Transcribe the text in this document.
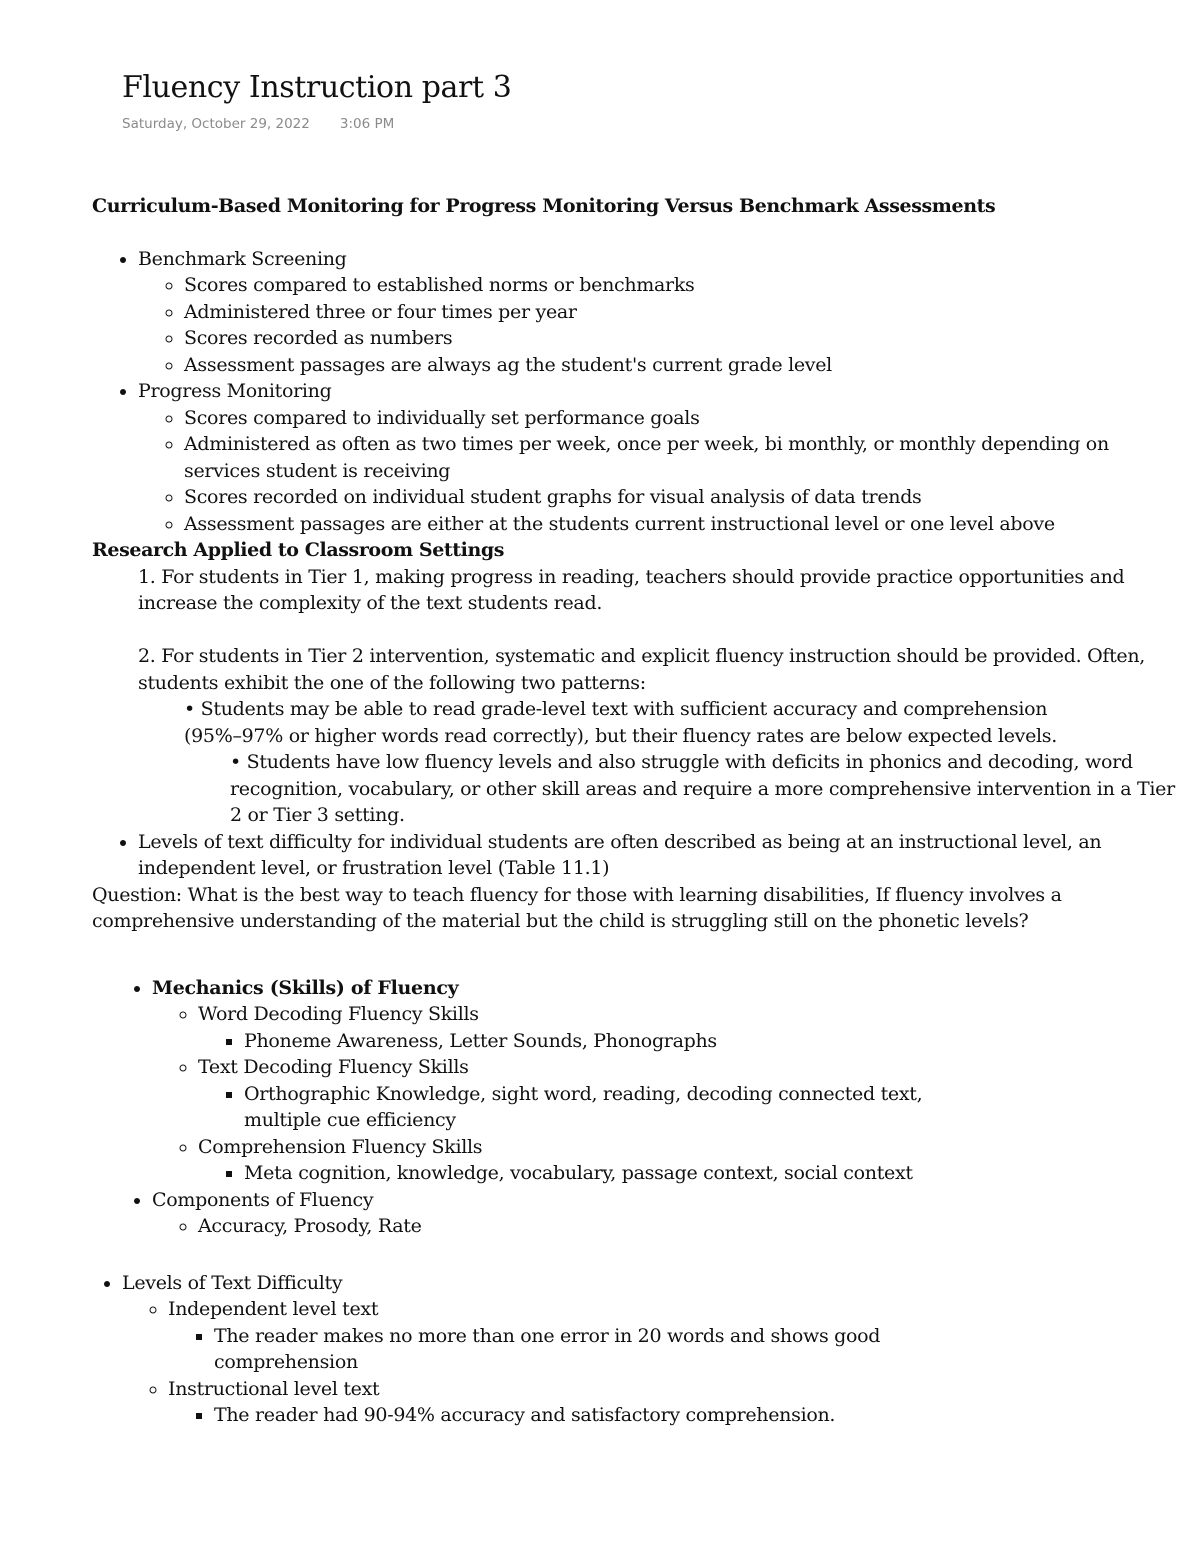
Fluency Instruction part 3
Saturday, October 29, 2022 3:06 PM

Curriculum-Based Monitoring for Progress Monitoring Versus Benchmark Assessments

• Benchmark Screening
◦ Scores compared to established norms or benchmarks
◦ Administered three or four times per year
◦ Scores recorded as numbers
◦ Assessment passages are always ag the student's current grade level
• Progress Monitoring
◦ Scores compared to individually set performance goals
◦ Administered as often as two times per week, once per week, bi monthly, or monthly depending on services student is receiving
◦ Scores recorded on individual student graphs for visual analysis of data trends
◦ Assessment passages are either at the students current instructional level or one level above

Research Applied to Classroom Settings

1. For students in Tier 1, making progress in reading, teachers should provide practice opportunities and increase the complexity of the text students read.

2. For students in Tier 2 intervention, systematic and explicit fluency instruction should be provided. Often, students exhibit the one of the following two patterns:

• Students may be able to read grade-level text with sufficient accuracy and comprehension (95%–97% or higher words read correctly), but their fluency rates are below expected levels.

• Students have low fluency levels and also struggle with deficits in phonics and decoding, word recognition, vocabulary, or other skill areas and require a more comprehensive intervention in a Tier 2 or Tier 3 setting.

• Levels of text difficulty for individual students are often described as being at an instructional level, an independent level, or frustration level (Table 11.1)

Question: What is the best way to teach fluency for those with learning disabilities, If fluency involves a comprehensive understanding of the material but the child is struggling still on the phonetic levels?

• Mechanics (Skills) of Fluency
◦ Word Decoding Fluency Skills
▪ Phoneme Awareness, Letter Sounds, Phonographs
◦ Text Decoding Fluency Skills
▪ Orthographic Knowledge, sight word, reading, decoding connected text, multiple cue efficiency
◦ Comprehension Fluency Skills
▪ Meta cognition, knowledge, vocabulary, passage context, social context
• Components of Fluency
◦ Accuracy, Prosody, Rate
• Levels of Text Difficulty
◦ Independent level text
▪ The reader makes no more than one error in 20 words and shows good comprehension
◦ Instructional level text
▪ The reader had 90-94% accuracy and satisfactory comprehension.
